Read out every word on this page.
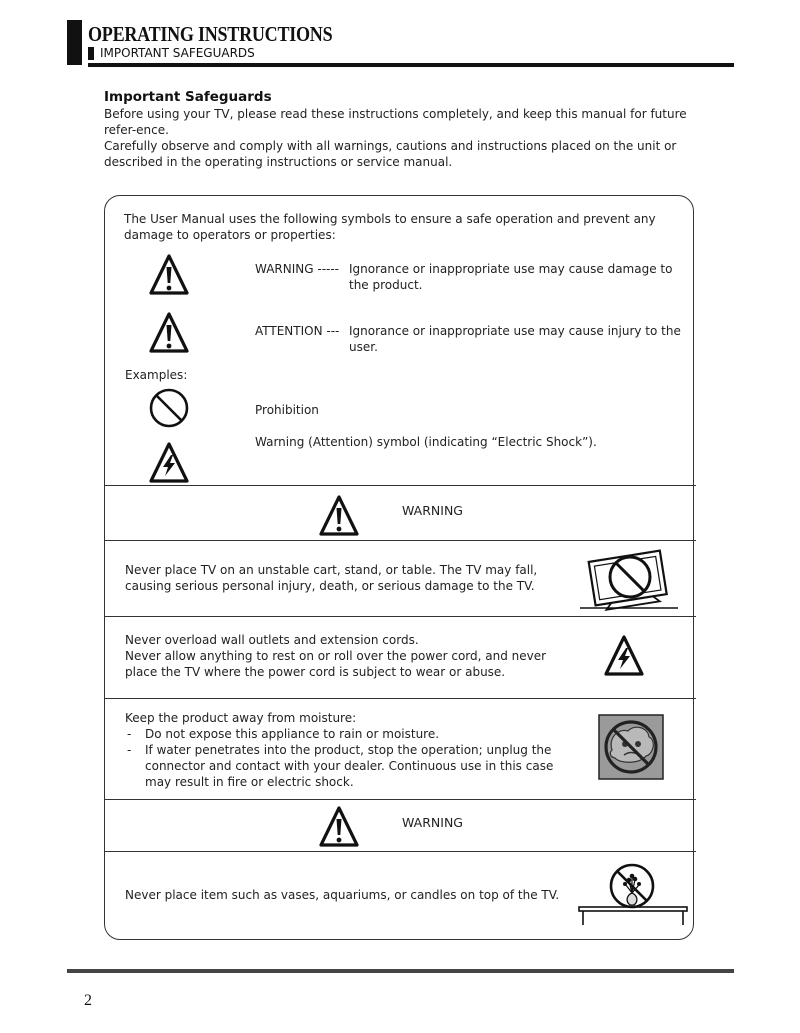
OPERATING INSTRUCTIONS
IMPORTANT SAFEGUARDS
Important Safeguards
Before using your TV, please read these instructions completely, and keep this manual for future refer-ence.
Carefully observe and comply with all warnings, cautions and instructions placed on the unit or described in the operating instructions or service manual.
The User Manual uses the following symbols to ensure a safe operation and prevent any damage to operators or properties:
WARNING ----- Ignorance or inappropriate use may cause damage to the product.
ATTENTION --- Ignorance or inappropriate use may cause injury to the user.
Examples:
Prohibition
Warning (Attention) symbol (indicating “Electric Shock”).
WARNING
Never place TV on an unstable cart, stand, or table. The TV may fall, causing serious personal injury, death, or serious damage to the TV.
Never overload wall outlets and extension cords.
Never allow anything to rest on or roll over the power cord, and never place the TV where the power cord is subject to wear or abuse.
Keep the product away from moisture:
- Do not expose this appliance to rain or moisture.
- If water penetrates into the product, stop the operation; unplug the connector and contact with your dealer. Continuous use in this case may result in fire or electric shock.
WARNING
Never place item such as vases, aquariums, or candles on top of the TV.
2
